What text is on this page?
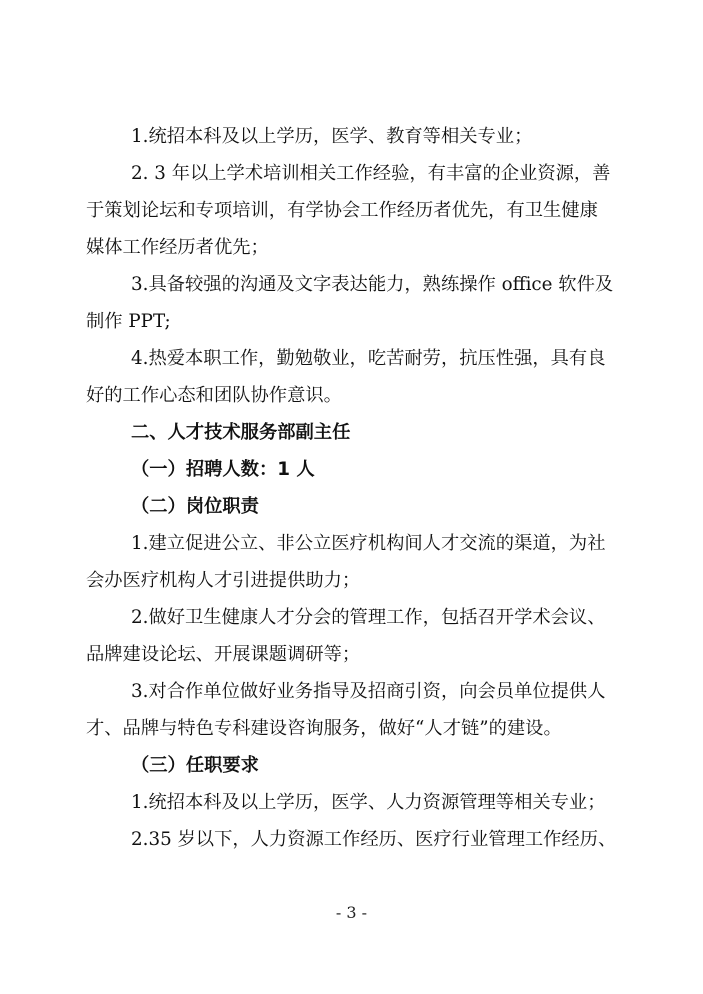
1.统招本科及以上学历，医学、教育等相关专业；
2. 3 年以上学术培训相关工作经验，有丰富的企业资源，善
于策划论坛和专项培训，有学协会工作经历者优先，有卫生健康
媒体工作经历者优先；
3.具备较强的沟通及文字表达能力，熟练操作 office 软件及
制作 PPT;
4.热爱本职工作，勤勉敬业，吃苦耐劳，抗压性强，具有良
好的工作心态和团队协作意识。
二、人才技术服务部副主任
（一）招聘人数：1 人
（二）岗位职责
1.建立促进公立、非公立医疗机构间人才交流的渠道，为社
会办医疗机构人才引进提供助力；
2.做好卫生健康人才分会的管理工作，包括召开学术会议、
品牌建设论坛、开展课题调研等；
3.对合作单位做好业务指导及招商引资，向会员单位提供人
才、品牌与特色专科建设咨询服务，做好“人才链”的建设。
（三）任职要求
1.统招本科及以上学历，医学、人力资源管理等相关专业；
2.35 岁以下，人力资源工作经历、医疗行业管理工作经历、
- 3 -
